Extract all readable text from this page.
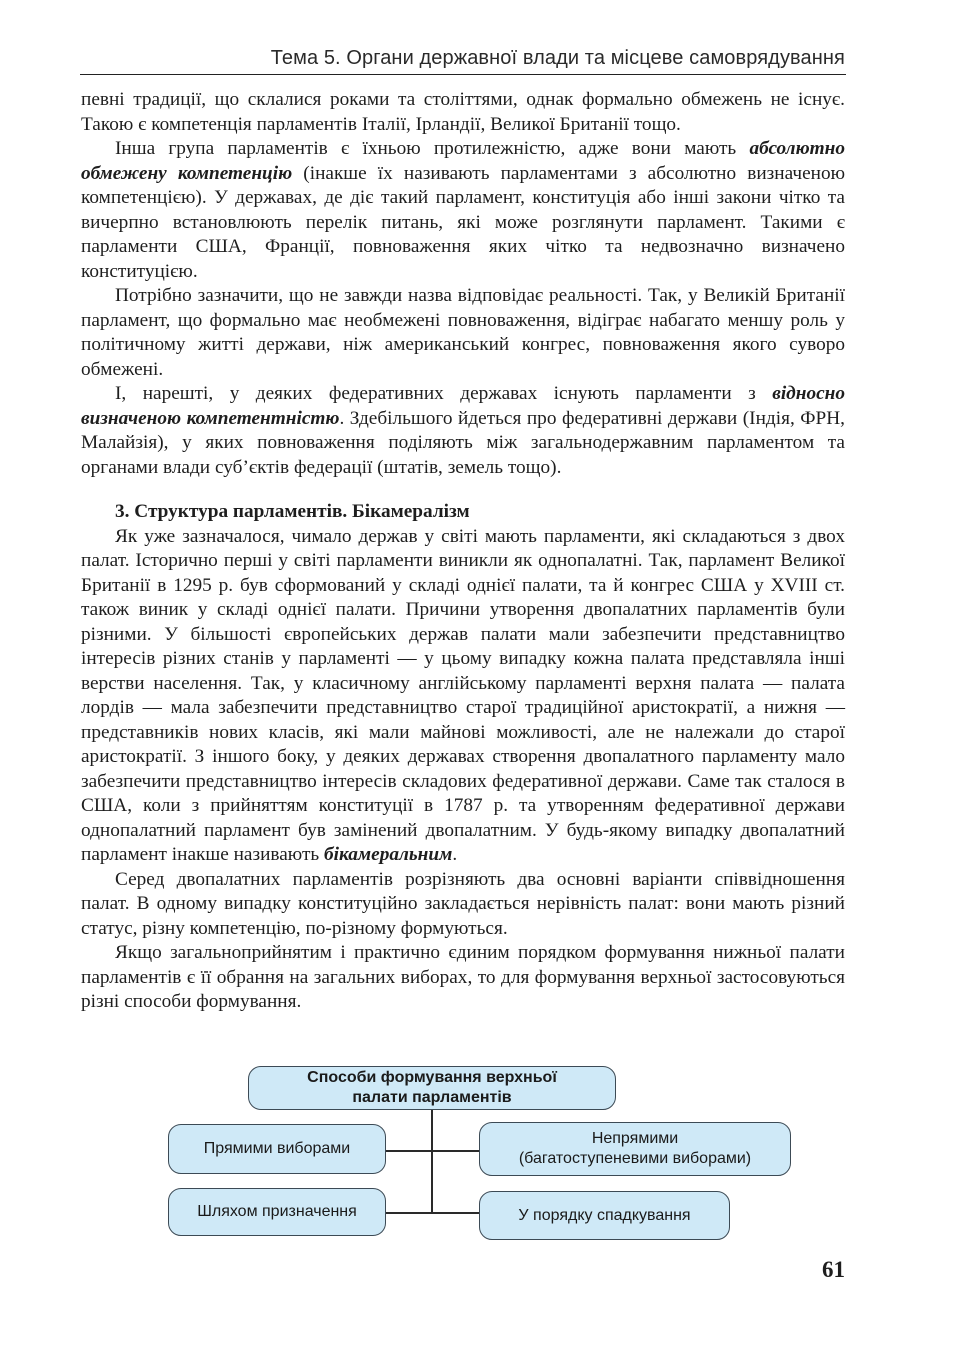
Тема 5. Органи державної влади та місцеве самоврядування

певні традиції, що склалися роками та століттями, однак формально обмежень не існує. Такою є компетенція парламентів Італії, Ірландії, Великої Британії тощо.

Інша група парламентів є їхньою протилежністю, адже вони мають абсолютно обмежену компетенцію (інакше їх називають парламентами з абсолютно визначеною компетенцією). У державах, де діє такий парламент, конституція або інші закони чітко та вичерпно встановлюють перелік питань, які може розглянути парламент. Такими є парламенти США, Франції, повноваження яких чітко та недвозначно визначено конституцією.

Потрібно зазначити, що не завжди назва відповідає реальності. Так, у Великій Британії парламент, що формально має необмежені повноваження, відіграє набагато меншу роль у політичному житті держави, ніж американський конгрес, повноваження якого суворо обмежені.

І, нарешті, у деяких федеративних державах існують парламенти з відносно визначеною компетентністю. Здебільшого йдеться про федеративні держави (Індія, ФРН, Малайзія), у яких повноваження поділяють між загальнодержавним парламентом та органами влади суб’єктів федерації (штатів, земель тощо).

3. Структура парламентів. Бікамералізм

Як уже зазначалося, чимало держав у світі мають парламенти, які складаються з двох палат. Історично перші у світі парламенти виникли як однопалатні. Так, парламент Великої Британії в 1295 р. був сформований у складі однієї палати, та й конгрес США у XVIII ст. також виник у складі однієї палати. Причини утворення двопалатних парламентів були різними. У більшості європейських держав палати мали забезпечити представництво інтересів різних станів у парламенті — у цьому випадку кожна палата представляла інші верстви населення. Так, у класичному англійському парламенті верхня палата — палата лордів — мала забезпечити представництво старої традиційної аристократії, а нижня — представників нових класів, які мали майнові можливості, але не належали до старої аристократії. З іншого боку, у деяких державах створення двопалатного парламенту мало забезпечити представництво інтересів складових федеративної держави. Саме так сталося в США, коли з прийняттям конституції в 1787 р. та утворенням федеративної держави однопалатний парламент був замінений двопалатним. У будь-якому випадку двопалатний парламент інакше називають бікамеральним.

Серед двопалатних парламентів розрізняють два основні варіанти співвідношення палат. В одному випадку конституційно закладається нерівність палат: вони мають різний статус, різну компетенцію, по-різному формуються.

Якщо загальноприйнятим і практично єдиним порядком формування нижньої палати парламентів є її обрання на загальних виборах, то для формування верхньої застосовуються різні способи формування.

Способи формування верхньої
палати парламентів
Прямими виборами
Шляхом призначення
Непрямими
(багатоступеневими виборами)
У порядку спадкування
61
